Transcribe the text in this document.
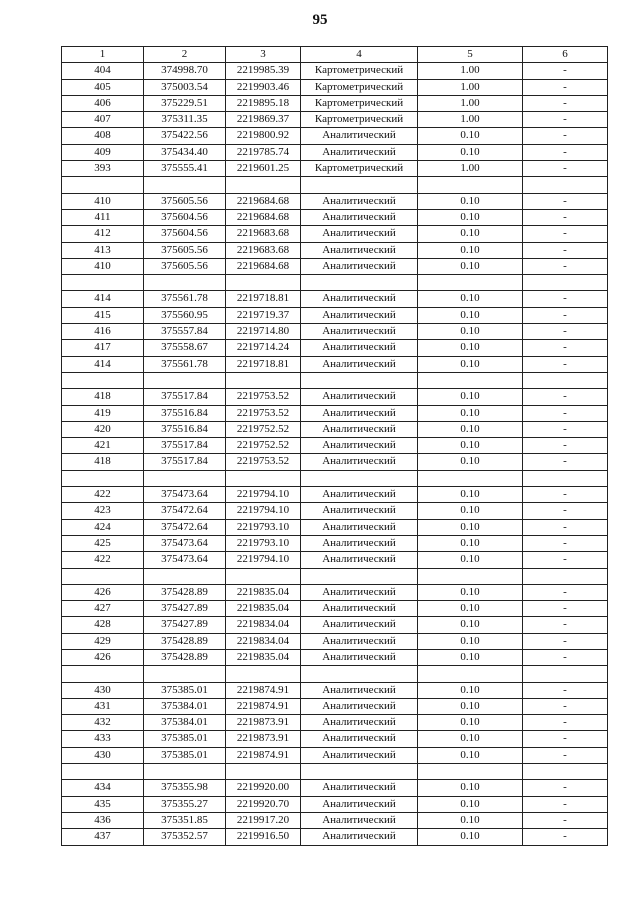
95
1	2	3	4	5	6
404	374998.70	2219985.39	Картометрический	1.00	-
405	375003.54	2219903.46	Картометрический	1.00	-
406	375229.51	2219895.18	Картометрический	1.00	-
407	375311.35	2219869.37	Картометрический	1.00	-
408	375422.56	2219800.92	Аналитический	0.10	-
409	375434.40	2219785.74	Аналитический	0.10	-
393	375555.41	2219601.25	Картометрический	1.00	-

410	375605.56	2219684.68	Аналитический	0.10	-
411	375604.56	2219684.68	Аналитический	0.10	-
412	375604.56	2219683.68	Аналитический	0.10	-
413	375605.56	2219683.68	Аналитический	0.10	-
410	375605.56	2219684.68	Аналитический	0.10	-

414	375561.78	2219718.81	Аналитический	0.10	-
415	375560.95	2219719.37	Аналитический	0.10	-
416	375557.84	2219714.80	Аналитический	0.10	-
417	375558.67	2219714.24	Аналитический	0.10	-
414	375561.78	2219718.81	Аналитический	0.10	-

418	375517.84	2219753.52	Аналитический	0.10	-
419	375516.84	2219753.52	Аналитический	0.10	-
420	375516.84	2219752.52	Аналитический	0.10	-
421	375517.84	2219752.52	Аналитический	0.10	-
418	375517.84	2219753.52	Аналитический	0.10	-

422	375473.64	2219794.10	Аналитический	0.10	-
423	375472.64	2219794.10	Аналитический	0.10	-
424	375472.64	2219793.10	Аналитический	0.10	-
425	375473.64	2219793.10	Аналитический	0.10	-
422	375473.64	2219794.10	Аналитический	0.10	-

426	375428.89	2219835.04	Аналитический	0.10	-
427	375427.89	2219835.04	Аналитический	0.10	-
428	375427.89	2219834.04	Аналитический	0.10	-
429	375428.89	2219834.04	Аналитический	0.10	-
426	375428.89	2219835.04	Аналитический	0.10	-

430	375385.01	2219874.91	Аналитический	0.10	-
431	375384.01	2219874.91	Аналитический	0.10	-
432	375384.01	2219873.91	Аналитический	0.10	-
433	375385.01	2219873.91	Аналитический	0.10	-
430	375385.01	2219874.91	Аналитический	0.10	-

434	375355.98	2219920.00	Аналитический	0.10	-
435	375355.27	2219920.70	Аналитический	0.10	-
436	375351.85	2219917.20	Аналитический	0.10	-
437	375352.57	2219916.50	Аналитический	0.10	-
